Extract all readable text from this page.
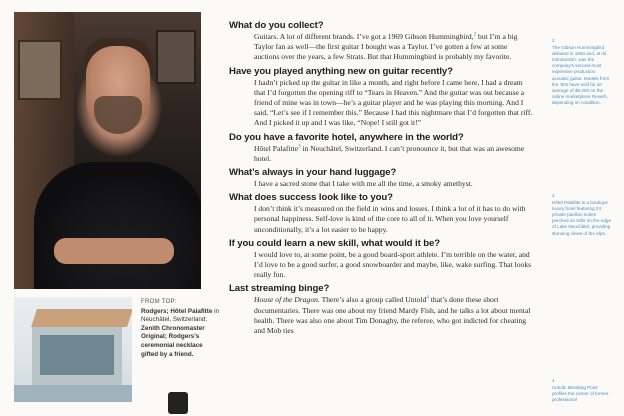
FROM TOP:
Rodgers; Hôtel Palafitte in Neuchâtel, Switzerland; Zenith Chronomaster Original; Rodgers’s ceremonial necklace gifted by a friend.

What do you collect?

Guitars. A lot of different brands. I’ve got a 1969 Gibson Hummingbird,$^2$ but I’m a big Taylor fan as well—the first guitar I bought was a Taylor. I’ve gotten a few at some auctions over the years, a few Strats. But that Hummingbird is probably my favorite.

Have you played anything new on guitar recently?

I hadn’t picked up the guitar in like a month, and right before I came here, I had a dream that I’d forgotten the opening riff to “Tears in Heaven.” And the guitar was out because a friend of mine was in town—he’s a guitar player and he was playing this morning. And I said, “Let’s see if I remember this.” Because I had this nightmare that I’d forgotten that riff. And I picked it up and I was like, “Nope! I still got it!”

Do you have a favorite hotel, anywhere in the world?

Hôtel Palafitte$^3$ in Neuchâtel, Switzerland. I can’t pronounce it, but that was an awesome hotel.

What’s always in your hand luggage?

I have a sacred stone that I take with me all the time, a smoky amethyst.

What does success look like to you?

I don’t think it’s measured on the field in wins and losses. I think a lot of it has to do with personal happiness. Self-love is kind of the core to all of it. When you love yourself unconditionally, it’s a lot easier to be happy.

If you could learn a new skill, what would it be?

I would love to, at some point, be a good board-sport athlete. I’m terrible on the water, and I’d love to be a good surfer, a good snowboarder and maybe, like, wake surfing. That looks really fun.

Last streaming binge?

House of the Dragon. There’s also a group called Untold$^4$ that’s done these short documentaries. There was one about my friend Mardy Fish, and he talks a lot about mental health. There was also one about Tim Donaghy, the referee, who got indicted for cheating and Mob ties

2
The Gibson Hummingbird debuted in 1960 and, at its introduction, was the company’s second-most expensive production acoustic guitar. Models from the ’60s have sold for an average of $6,000 on the online marketplace Reverb, depending on condition.
3
Hôtel Palafitte is a boutique luxury hotel featuring 24 private pavilion suites perched on stilts on the edge of Lake Neuchâtel, providing stunning views of the Alps.
4
Untold: Breaking Point profiles the career of former professional
